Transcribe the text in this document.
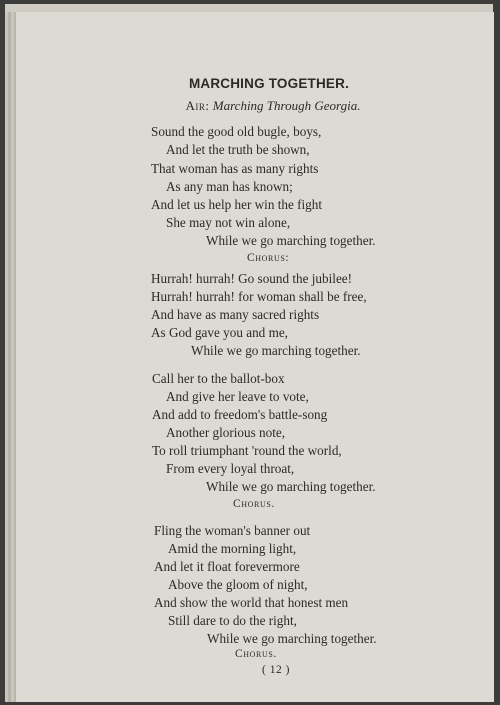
MARCHING TOGETHER.
Air: Marching Through Georgia.
Sound the good old bugle, boys,
And let the truth be shown,
That woman has as many rights
As any man has known;
And let us help her win the fight
She may not win alone,
While we go marching together.
Chorus:
Hurrah! hurrah! Go sound the jubilee!
Hurrah! hurrah! for woman shall be free,
And have as many sacred rights
As God gave you and me,
While we go marching together.
Call her to the ballot-box
And give her leave to vote,
And add to freedom's battle-song
Another glorious note,
To roll triumphant 'round the world,
From every loyal throat,
While we go marching together.
Chorus.
Fling the woman's banner out
Amid the morning light,
And let it float forevermore
Above the gloom of night,
And show the world that honest men
Still dare to do the right,
While we go marching together.
Chorus.
( 12 )
